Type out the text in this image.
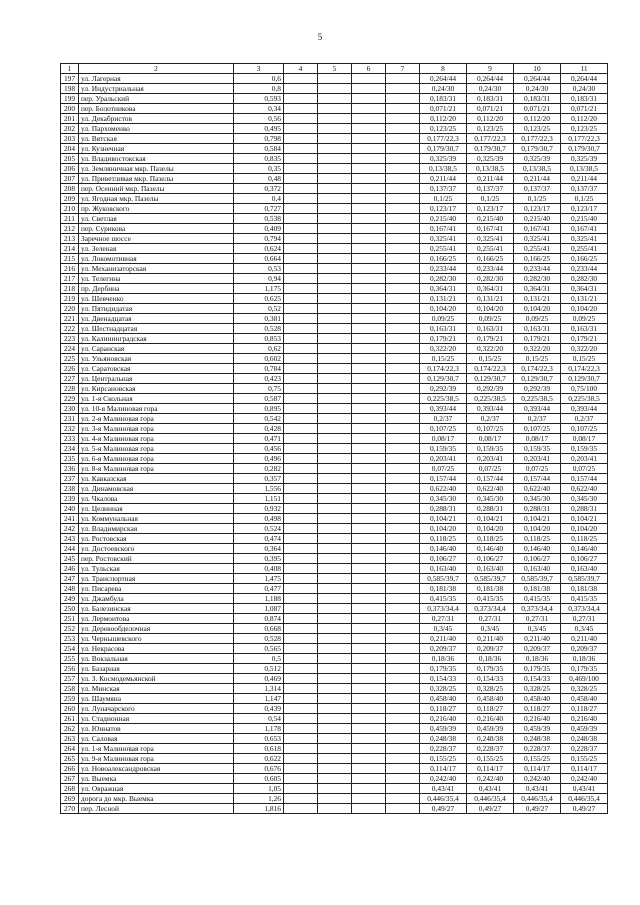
5
1	2	3	4	5	6	7	8	9	10	11
197	ул. Лагерная	0,6					0,264/44	0,264/44	0,264/44	0,264/44
198	ул. Индустриальная	0,8					0,24/30	0,24/30	0,24/30	0,24/30
199	пер. Уральский	0,593					0,183/31	0,183/31	0,183/31	0,183/31
200	пер. Болотникова	0,34					0,071/21	0,071/21	0,071/21	0,071/21
201	ул. Декабристов	0,56					0,112/20	0,112/20	0,112/20	0,112/20
202	ул. Пархоменко	0,495					0,123/25	0,123/25	0,123/25	0,123/25
203	ул. Вятская	0,798					0,177/22,3	0,177/22,3	0,177/22,3	0,177/22,3
204	ул. Кузнечная	0,584					0,179/30,7	0,179/30,7	0,179/30,7	0,179/30,7
205	ул. Владивостокская	0,835					0,325/39	0,325/39	0,325/39	0,325/39
206	ул. Земляничная мкр. Пазелы	0,35					0,13/38,5	0,13/38,5	0,13/38,5	0,13/38,5
207	ул. Приветливая мкр. Пазелы	0,48					0,211/44	0,211/44	0,211/44	0,211/44
208	пер. Осенний мкр. Пазелы	0,372					0,137/37	0,137/37	0,137/37	0,137/37
209	ул. Ягодная мкр. Пазелы	0,4					0,1/25	0,1/25	0,1/25	0,1/25
210	пр. Жуковского	0,727					0,123/17	0,123/17	0,123/17	0,123/17
211	ул. Светлая	0,538					0,215/40	0,215/40	0,215/40	0,215/40
212	пер. Сурикова	0,409					0,167/41	0,167/41	0,167/41	0,167/41
213	Заречное шоссе	0,794					0,325/41	0,325/41	0,325/41	0,325/41
214	ул. Зеленая	0,624					0,255/41	0,255/41	0,255/41	0,255/41
215	ул. Локомотивная	0,664					0,166/25	0,166/25	0,166/25	0,166/25
216	ул. Механизаторская	0,53					0,233/44	0,233/44	0,233/44	0,233/44
217	ул. Телегина	0,94					0,282/30	0,282/30	0,282/30	0,282/30
218	пр. Дербина	1,175					0,364/31	0,364/31	0,364/31	0,364/31
219	ул. Шевченко	0,625					0,131/21	0,131/21	0,131/21	0,131/21
220	ул. Пятидидатая	0,52					0,104/20	0,104/20	0,104/20	0,104/20
221	ул. Двенадцатая	0,381					0,09/25	0,09/25	0,09/25	0,09/25
222	ул. Шестнадцатая	0,528					0,163/31	0,163/31	0,163/31	0,163/31
223	ул. Калининградская	0,853					0,179/21	0,179/21	0,179/21	0,179/21
224	ул. Саранская	0,62					0,322/20	0,322/20	0,322/20	0,322/20
225	ул. Ульяновская	0,602					0,15/25	0,15/25	0,15/25	0,15/25
226	ул. Саратовская	0,784					0,174/22,3	0,174/22,3	0,174/22,3	0,174/22,3
227	ул. Центральная	0,423					0,129/30,7	0,129/30,7	0,129/30,7	0,129/30,7
228	ул. Кирсановская	0,75					0,292/39	0,292/39	0,292/39	0,75/100
229	ул. 1-я Скольная	0,587					0,225/38,5	0,225/38,5	0,225/38,5	0,225/38,5
230	ул. 10-я Малиновая гора	0,895					0,393/44	0,393/44	0,393/44	0,393/44
231	ул. 2-я Малиновая гора	0,542					0,2/37	0,2/37	0,2/37	0,2/37
232	ул. 3-я Малиновая гора	0,428					0,107/25	0,107/25	0,107/25	0,107/25
233	ул. 4-я Малиновая гора	0,471					0,08/17	0,08/17	0,08/17	0,08/17
234	ул. 5-я Малиновая гора	0,456					0,159/35	0,159/35	0,159/35	0,159/35
235	ул. 6-я Малиновая гора	0,496					0,203/41	0,203/41	0,203/41	0,203/41
236	ул. 8-я Малиновая гора	0,282					0,07/25	0,07/25	0,07/25	0,07/25
237	ул. Кавказская	0,357					0,157/44	0,157/44	0,157/44	0,157/44
238	ул. Динамовская	1,556					0,622/40	0,622/40	0,622/40	0,622/40
239	ул. Чкалова	1,151					0,345/30	0,345/30	0,345/30	0,345/30
240	ул. Целинная	0,932					0,288/31	0,288/31	0,288/31	0,288/31
241	ул. Коммунальная	0,498					0,104/21	0,104/21	0,104/21	0,104/21
242	ул. Владимирская	0,524					0,104/20	0,104/20	0,104/20	0,104/20
243	ул. Ростовская	0,474					0,118/25	0,118/25	0,118/25	0,118/25
244	ул. Достоевского	0,364					0,146/40	0,146/40	0,146/40	0,146/40
245	пер. Ростовский	0,395					0,106/27	0,106/27	0,106/27	0,106/27
246	ул. Тульская	0,408					0,163/40	0,163/40	0,163/40	0,163/40
247	ул. Транспортная	1,475					0,585/39,7	0,585/39,7	0,585/39,7	0,585/39,7
248	ул. Писарева	0,477					0,181/38	0,181/38	0,181/38	0,181/38
249	ул. Джамбула	1,188					0,415/35	0,415/35	0,415/35	0,415/35
250	ул. Балезинская	1,087					0,373/34,4	0,373/34,4	0,373/34,4	0,373/34,4
251	ул. Лермонтова	0,874					0,27/31	0,27/31	0,27/31	0,27/31
252	ул. Деревообделочная	0,668					0,3/45	0,3/45	0,3/45	0,3/45
253	ул. Чернышевского	0,528					0,211/40	0,211/40	0,211/40	0,211/40
254	ул. Некрасова	0,565					0,209/37	0,209/37	0,209/37	0,209/37
255	ул. Вокзальная	0,5					0,18/36	0,18/36	0,18/36	0,18/36
256	ул. Базарная	0,512					0,179/35	0,179/35	0,179/35	0,179/35
257	ул. З. Космодемьянской	0,469					0,154/33	0,154/33	0,154/33	0,469/100
258	ул. Минская	1,314					0,328/25	0,328/25	0,328/25	0,328/25
259	ул. Шаумяна	1,147					0,458/40	0,458/40	0,458/40	0,458/40
260	ул. Луначарского	0,439					0,118/27	0,118/27	0,118/27	0,118/27
261	ул. Стадионная	0,54					0,216/40	0,216/40	0,216/40	0,216/40
262	ул. Юннатов	1,178					0,459/39	0,459/39	0,459/39	0,459/39
263	ул. Саловая	0,653					0,248/38	0,248/38	0,248/38	0,248/38
264	ул. 1-я Малиновая гора	0,618					0,228/37	0,228/37	0,228/37	0,228/37
265	ул. 9-я Малиновая гора	0,622					0,155/25	0,155/25	0,155/25	0,155/25
266	ул. Новоалександровская	0,676					0,114/17	0,114/17	0,114/17	0,114/17
267	ул. Выемка	0,605					0,242/40	0,242/40	0,242/40	0,242/40
268	ул. Овражная	1,05					0,43/41	0,43/41	0,43/41	0,43/41
269	дорога до мкр. Выемка	1,26					0,446/35,4	0,446/35,4	0,446/35,4	0,446/35,4
270	пер. Лесной	1,816					0,49/27	0,49/27	0,49/27	0,49/27
